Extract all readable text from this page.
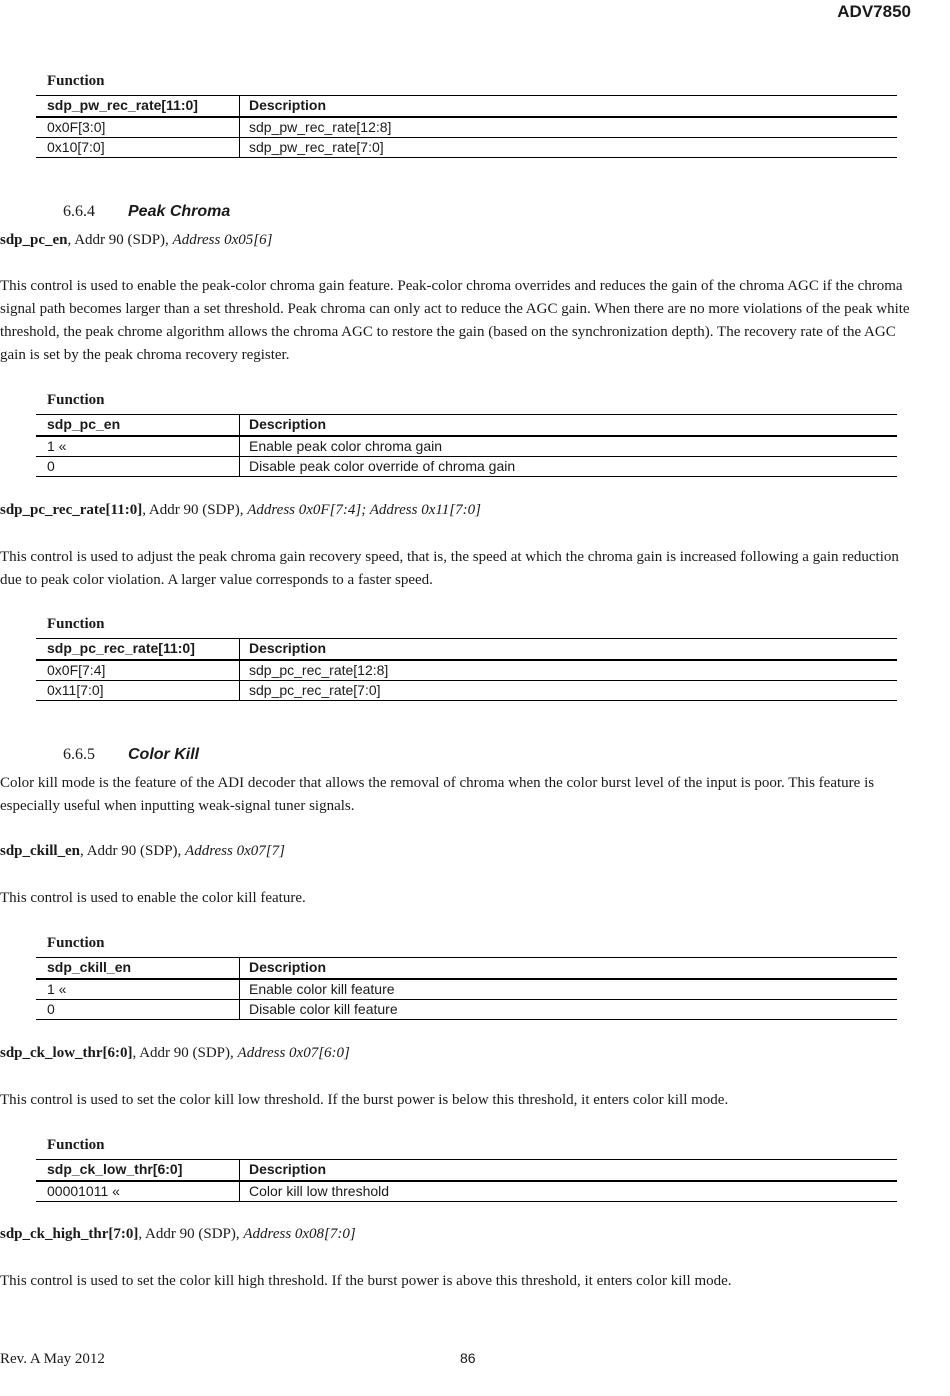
ADV7850
Function
sdp_pw_rec_rate[11:0]	Description
0x0F[3:0]	sdp_pw_rec_rate[12:8]
0x10[7:0]	sdp_pw_rec_rate[7:0]
6.6.4 Peak Chroma
sdp_pc_en, Addr 90 (SDP), Address 0x05[6]
This control is used to enable the peak-color chroma gain feature. Peak-color chroma overrides and reduces the gain of the chroma AGC if the chroma signal path becomes larger than a set threshold. Peak chroma can only act to reduce the AGC gain. When there are no more violations of the peak white threshold, the peak chrome algorithm allows the chroma AGC to restore the gain (based on the synchronization depth). The recovery rate of the AGC gain is set by the peak chroma recovery register.
Function
sdp_pc_en	Description
1 «	Enable peak color chroma gain
0	Disable peak color override of chroma gain
sdp_pc_rec_rate[11:0], Addr 90 (SDP), Address 0x0F[7:4]; Address 0x11[7:0]
This control is used to adjust the peak chroma gain recovery speed, that is, the speed at which the chroma gain is increased following a gain reduction due to peak color violation. A larger value corresponds to a faster speed.
Function
sdp_pc_rec_rate[11:0]	Description
0x0F[7:4]	sdp_pc_rec_rate[12:8]
0x11[7:0]	sdp_pc_rec_rate[7:0]
6.6.5 Color Kill
Color kill mode is the feature of the ADI decoder that allows the removal of chroma when the color burst level of the input is poor. This feature is especially useful when inputting weak-signal tuner signals.
sdp_ckill_en, Addr 90 (SDP), Address 0x07[7]
This control is used to enable the color kill feature.
Function
sdp_ckill_en	Description
1 «	Enable color kill feature
0	Disable color kill feature
sdp_ck_low_thr[6:0], Addr 90 (SDP), Address 0x07[6:0]
This control is used to set the color kill low threshold. If the burst power is below this threshold, it enters color kill mode.
Function
sdp_ck_low_thr[6:0]	Description
00001011 «	Color kill low threshold
sdp_ck_high_thr[7:0], Addr 90 (SDP), Address 0x08[7:0]
This control is used to set the color kill high threshold. If the burst power is above this threshold, it enters color kill mode.
Rev. A May 2012	86
